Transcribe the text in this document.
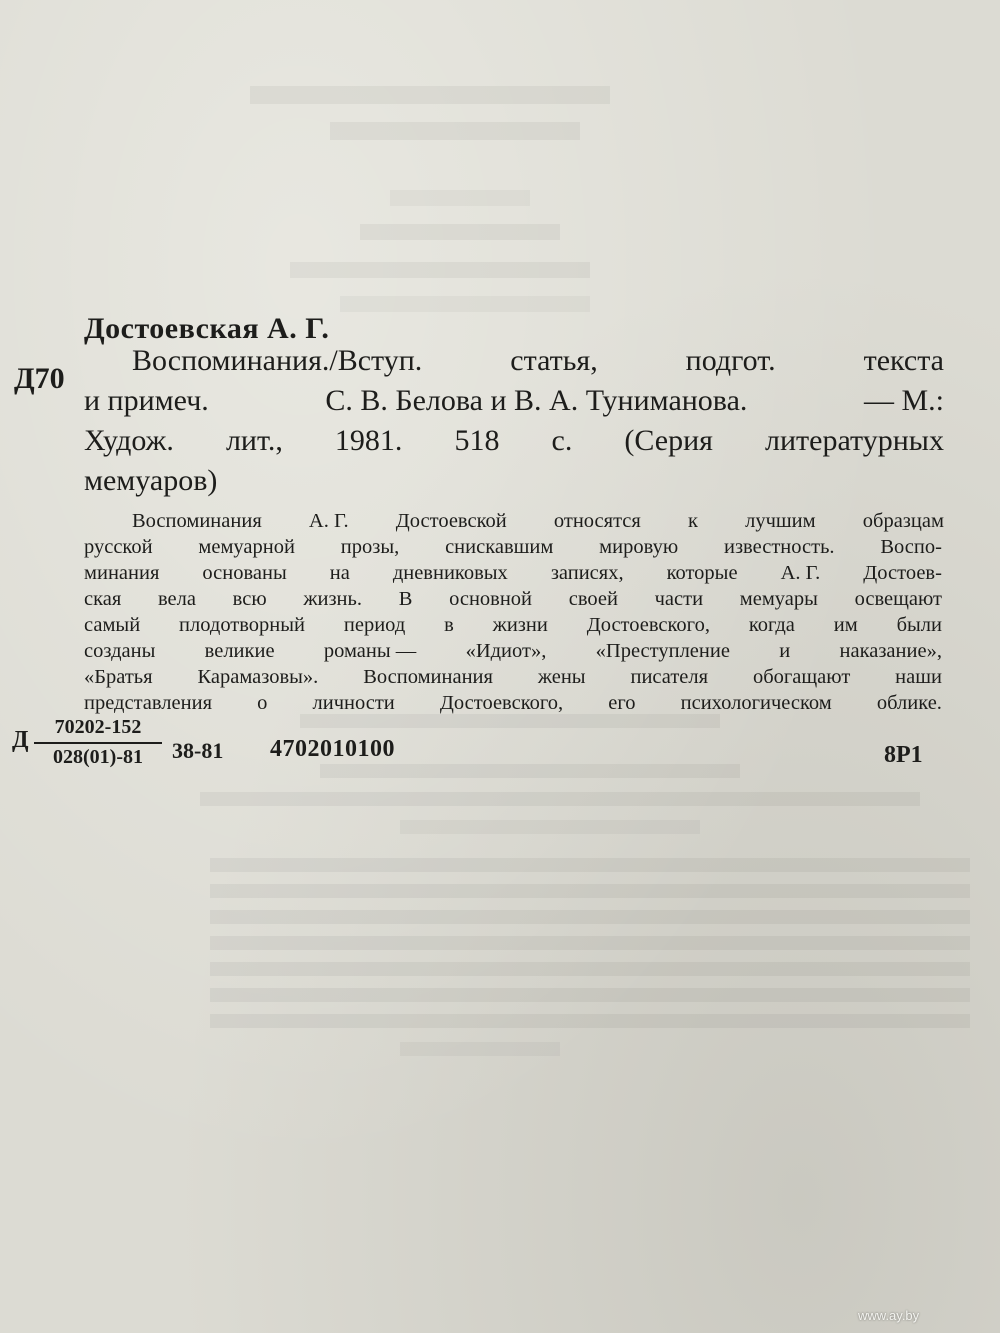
Достоевская А. Г.
Д70
Воспоминания./Вступ.	статья,	подгот.	текста
и примеч.	С. В. Белова и В. А. Туниманова.	— М.:
Худож. лит., 1981. 518 с. (Серия литературных
мемуаров)
Воспоминания А. Г. Достоевской относятся к лучшим образцам
русской мемуарной прозы, снискавшим мировую известность. Воспо-
минания основаны на дневниковых записях, которые А. Г. Достоев-
ская вела всю жизнь. В основной своей части мемуары освещают
самый плодотворный период в жизни Достоевского, когда им были
созданы великие романы — «Идиот», «Преступление и наказание»,
«Братья Карамазовы». Воспоминания жены писателя обогащают наши
представления о личности Достоевского, его психологическом облике.
Д $\frac{70202-152}{028(01)-81} 38-81$ 4702010100	8Р1
www.ay.by
